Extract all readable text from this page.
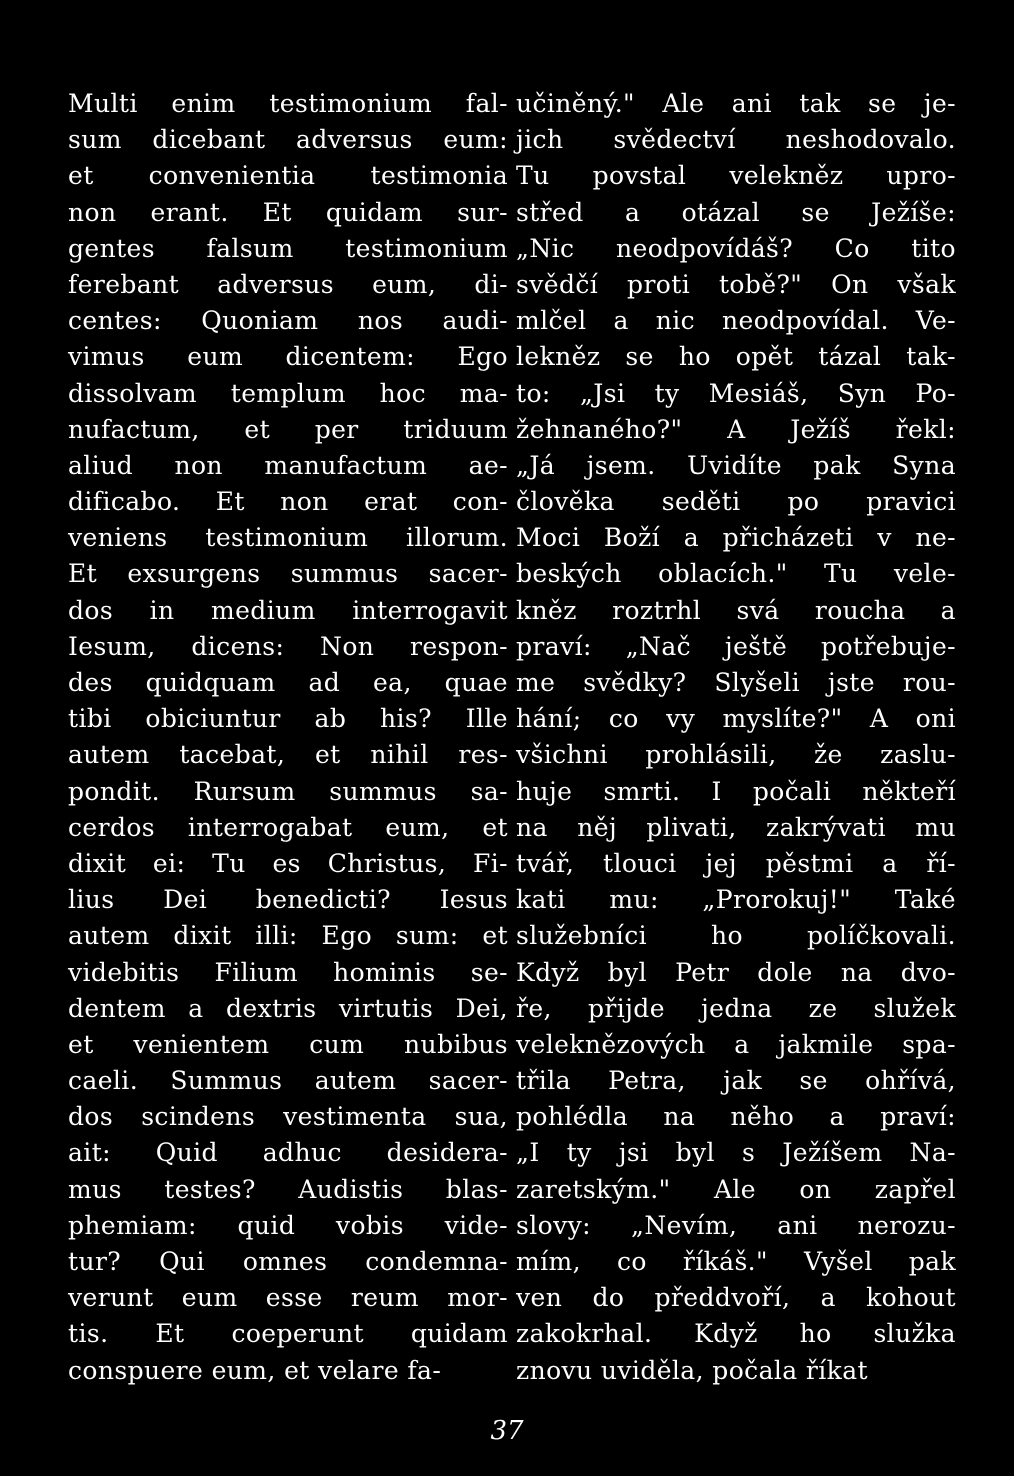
Multi enim testimonium fal-
sum dicebant adversus eum:
et convenientia testimonia
non erant. Et quidam sur-
gentes falsum testimonium
ferebant adversus eum, di-
centes: Quoniam nos audi-
vimus eum dicentem: Ego
dissolvam templum hoc ma-
nufactum, et per triduum
aliud non manufactum ae-
dificabo. Et non erat con-
veniens testimonium illorum.
Et exsurgens summus sacer-
dos in medium interrogavit
Iesum, dicens: Non respon-
des quidquam ad ea, quae
tibi obiciuntur ab his? Ille
autem tacebat, et nihil res-
pondit. Rursum summus sa-
cerdos interrogabat eum, et
dixit ei: Tu es Christus, Fi-
lius Dei benedicti? Iesus
autem dixit illi: Ego sum: et
videbitis Filium hominis se-
dentem a dextris virtutis Dei,
et venientem cum nubibus
caeli. Summus autem sacer-
dos scindens vestimenta sua,
ait: Quid adhuc desidera-
mus testes? Audistis blas-
phemiam: quid vobis vide-
tur? Qui omnes condemna-
verunt eum esse reum mor-
tis. Et coeperunt quidam
conspuere eum, et velare fa-
učiněný." Ale ani tak se je-
jich svědectví neshodovalo.
Tu povstal velekněz upro-
střed a otázal se Ježíše:
„Nic neodpovídáš? Co tito
svědčí proti tobě?" On však
mlčel a nic neodpovídal. Ve-
lekněz se ho opět tázal tak-
to: „Jsi ty Mesiáš, Syn Po-
žehnaného?" A Ježíš řekl:
„Já jsem. Uvidíte pak Syna
člověka seděti po pravici
Moci Boží a přicházeti v ne-
beských oblacích." Tu vele-
kněz roztrhl svá roucha a
praví: „Nač ještě potřebuje-
me svědky? Slyšeli jste rou-
hání; co vy myslíte?" A oni
všichni prohlásili, že zaslu-
huje smrti. I počali někteří
na něj plivati, zakrývati mu
tvář, tlouci jej pěstmi a ří-
kati mu: „Prorokuj!" Také
služebníci ho políčkovali.
Když byl Petr dole na dvo-
ře, přijde jedna ze služek
veleknězových a jakmile spa-
třila Petra, jak se ohřívá,
pohlédla na něho a praví:
„I ty jsi byl s Ježíšem Na-
zaretským." Ale on zapřel
slovy: „Nevím, ani nerozu-
mím, co říkáš." Vyšel pak
ven do předdvoří, a kohout
zakokrhal. Když ho služka
znovu uviděla, počala říkat
37
